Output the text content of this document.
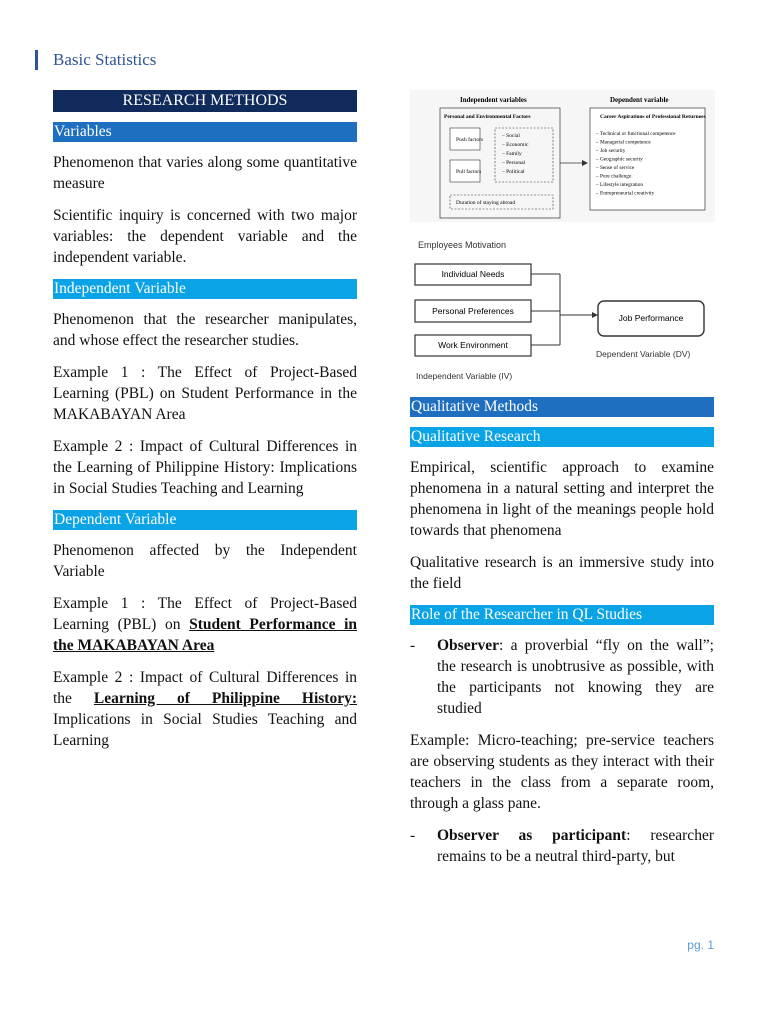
Basic Statistics
RESEARCH METHODS
Variables

Phenomenon that varies along some quantitative measure

Scientific inquiry is concerned with two major variables: the dependent variable and the independent variable.

Independent Variable

Phenomenon that the researcher manipulates, and whose effect the researcher studies.

Example 1 : The Effect of Project-Based Learning (PBL) on Student Performance in the MAKABAYAN Area

Example 2 : Impact of Cultural Differences in the Learning of Philippine History: Implications in Social Studies Teaching and Learning

Dependent Variable

Phenomenon affected by the Independent Variable

Example 1 : The Effect of Project-Based Learning (PBL) on Student Performance in the MAKABAYAN Area

Example 2 : Impact of Cultural Differences in the Learning of Philippine History: Implications in Social Studies Teaching and Learning

Independent variables	Dependent variable
Personal and Environmental Factors
Push factors
Pull factors
– Social
– Economic
– Family
– Personal
– Political
Duration of staying abroad
Career Aspirations of Professional Returnees
– Technical or functional competence
– Managerial competence
– Job security
– Geographic security
– Sense of service
– Pure challenge
– Lifestyle integration
– Entrepreneurial creativity
Employees Motivation
Individual Needs
Personal Preferences
Work Environment
Job Performance
Dependent Variable (DV)
Independent Variable (IV)
Qualitative Methods
Qualitative Research

Empirical, scientific approach to examine phenomena in a natural setting and interpret the phenomena in light of the meanings people hold towards that phenomena

Qualitative research is an immersive study into the field

Role of the Researcher in QL Studies
-	Observer: a proverbial “fly on the wall”; the research is unobtrusive as possible, with the participants not knowing they are studied

Example: Micro-teaching; pre-service teachers are observing students as they interact with their teachers in the class from a separate room, through a glass pane.

-	Observer as participant: researcher remains to be a neutral third-party, but
pg. 1
